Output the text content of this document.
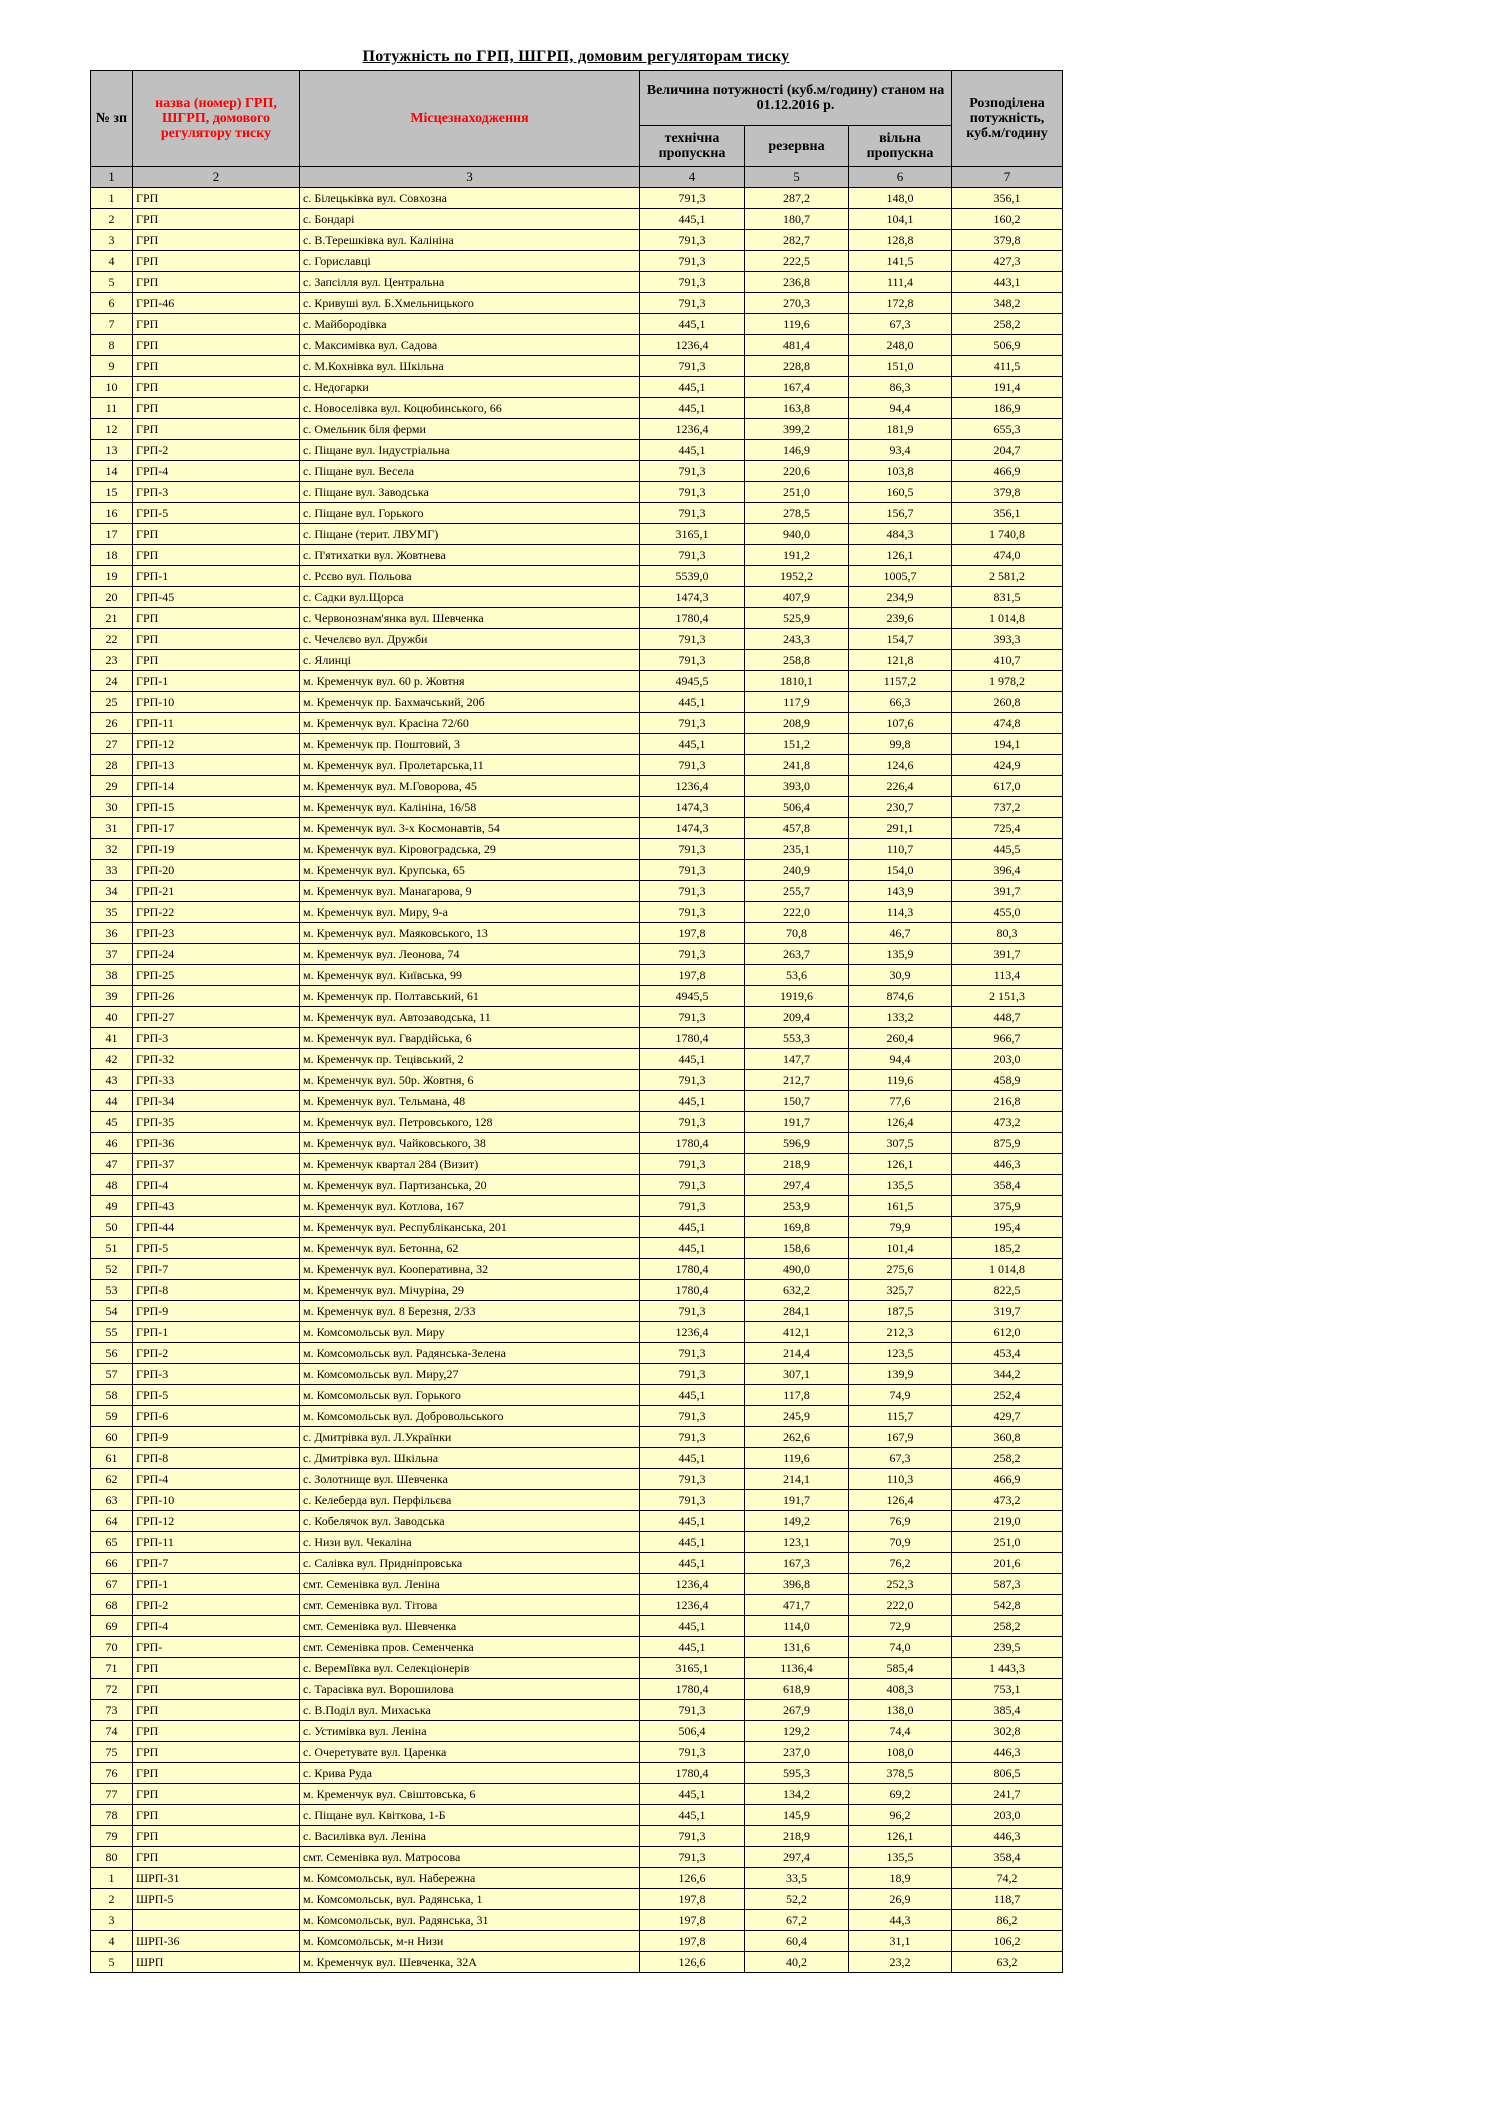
Потужність по ГРП, ШГРП, домовим регуляторам тиску
№ зп	назва (номер) ГРП, ШГРП, домового регулятору тиску	Місцезнаходження	Величина потужності (куб.м/годину) станом на 01.12.2016 р.			Розподілена потужність, куб.м/годину
			технічна пропускна	резервна	вільна пропускна	
1	2	3	4	5	6	7
1	ГРП	с. Білецьківка вул. Совхозна	791,3	287,2	148,0	356,1
2	ГРП	с. Бондарі	445,1	180,7	104,1	160,2
3	ГРП	с. В.Терешківка вул. Калініна	791,3	282,7	128,8	379,8
4	ГРП	с. Гориславці	791,3	222,5	141,5	427,3
5	ГРП	с. Запсілля вул. Центральна	791,3	236,8	111,4	443,1
6	ГРП-46	с. Кривуші вул. Б.Хмельницького	791,3	270,3	172,8	348,2
7	ГРП	с. Майбородівка	445,1	119,6	67,3	258,2
8	ГРП	с. Максимівка вул. Садова	1236,4	481,4	248,0	506,9
9	ГРП	с. М.Кохнівка вул. Шкільна	791,3	228,8	151,0	411,5
10	ГРП	с. Недогарки	445,1	167,4	86,3	191,4
11	ГРП	с. Новоселівка вул. Коцюбинського, 66	445,1	163,8	94,4	186,9
12	ГРП	с. Омельник біля ферми	1236,4	399,2	181,9	655,3
13	ГРП-2	с. Піщане вул. Індустріальна	445,1	146,9	93,4	204,7
14	ГРП-4	с. Піщане вул. Весела	791,3	220,6	103,8	466,9
15	ГРП-3	с. Піщане вул. Заводська	791,3	251,0	160,5	379,8
16	ГРП-5	с. Піщане вул. Горького	791,3	278,5	156,7	356,1
17	ГРП	с. Піщане (терит. ЛВУМГ)	3165,1	940,0	484,3	1 740,8
18	ГРП	с. П'ятихатки вул. Жовтнева	791,3	191,2	126,1	474,0
19	ГРП-1	с. Рсєво вул. Польова	5539,0	1952,2	1005,7	2 581,2
20	ГРП-45	с. Садки вул.Щорса	1474,3	407,9	234,9	831,5
21	ГРП	с. Червонознам'янка вул. Шевченка	1780,4	525,9	239,6	1 014,8
22	ГРП	с. Чечелєво вул. Дружби	791,3	243,3	154,7	393,3
23	ГРП	с. Ялинці	791,3	258,8	121,8	410,7
24	ГРП-1	м. Кременчук вул. 60 р. Жовтня	4945,5	1810,1	1157,2	1 978,2
25	ГРП-10	м. Кременчук пр. Бахмачський, 20б	445,1	117,9	66,3	260,8
26	ГРП-11	м. Кременчук вул. Красіна 72/60	791,3	208,9	107,6	474,8
27	ГРП-12	м. Кременчук пр. Поштовий, 3	445,1	151,2	99,8	194,1
28	ГРП-13	м. Кременчук вул. Пролетарська,11	791,3	241,8	124,6	424,9
29	ГРП-14	м. Кременчук вул. М.Говорова, 45	1236,4	393,0	226,4	617,0
30	ГРП-15	м. Кременчук вул. Калініна, 16/58	1474,3	506,4	230,7	737,2
31	ГРП-17	м. Кременчук вул. 3-х Космонавтів, 54	1474,3	457,8	291,1	725,4
32	ГРП-19	м. Кременчук вул. Кіровоградська, 29	791,3	235,1	110,7	445,5
33	ГРП-20	м. Кременчук вул. Крупська, 65	791,3	240,9	154,0	396,4
34	ГРП-21	м. Кременчук вул. Манагарова, 9	791,3	255,7	143,9	391,7
35	ГРП-22	м. Кременчук вул. Миру, 9-а	791,3	222,0	114,3	455,0
36	ГРП-23	м. Кременчук вул. Маяковського, 13	197,8	70,8	46,7	80,3
37	ГРП-24	м. Кременчук вул. Леонова, 74	791,3	263,7	135,9	391,7
38	ГРП-25	м. Кременчук вул. Київська, 99	197,8	53,6	30,9	113,4
39	ГРП-26	м. Кременчук пр. Полтавський, 61	4945,5	1919,6	874,6	2 151,3
40	ГРП-27	м. Кременчук вул. Автозаводська, 11	791,3	209,4	133,2	448,7
41	ГРП-3	м. Кременчук вул. Гвардійська, 6	1780,4	553,3	260,4	966,7
42	ГРП-32	м. Кременчук пр. Тецівський, 2	445,1	147,7	94,4	203,0
43	ГРП-33	м. Кременчук вул. 50р. Жовтня, 6	791,3	212,7	119,6	458,9
44	ГРП-34	м. Кременчук вул. Тельмана, 48	445,1	150,7	77,6	216,8
45	ГРП-35	м. Кременчук вул. Петровського, 128	791,3	191,7	126,4	473,2
46	ГРП-36	м. Кременчук вул. Чайковського, 38	1780,4	596,9	307,5	875,9
47	ГРП-37	м. Кременчук квартал 284 (Визит)	791,3	218,9	126,1	446,3
48	ГРП-4	м. Кременчук вул. Партизанська, 20	791,3	297,4	135,5	358,4
49	ГРП-43	м. Кременчук вул. Котлова, 167	791,3	253,9	161,5	375,9
50	ГРП-44	м. Кременчук вул. Республіканська, 201	445,1	169,8	79,9	195,4
51	ГРП-5	м. Кременчук вул. Бетонна, 62	445,1	158,6	101,4	185,2
52	ГРП-7	м. Кременчук вул. Кооперативна, 32	1780,4	490,0	275,6	1 014,8
53	ГРП-8	м. Кременчук вул. Мічуріна, 29	1780,4	632,2	325,7	822,5
54	ГРП-9	м. Кременчук вул. 8 Березня, 2/33	791,3	284,1	187,5	319,7
55	ГРП-1	м. Комсомольськ вул. Миру	1236,4	412,1	212,3	612,0
56	ГРП-2	м. Комсомольськ вул. Радянська-Зелена	791,3	214,4	123,5	453,4
57	ГРП-3	м. Комсомольськ вул. Миру,27	791,3	307,1	139,9	344,2
58	ГРП-5	м. Комсомольськ вул. Горького	445,1	117,8	74,9	252,4
59	ГРП-6	м. Комсомольськ вул. Добровольського	791,3	245,9	115,7	429,7
60	ГРП-9	с. Дмитрівка вул. Л.Українки	791,3	262,6	167,9	360,8
61	ГРП-8	с. Дмитрівка вул. Шкільна	445,1	119,6	67,3	258,2
62	ГРП-4	с. Золотнище вул. Шевченка	791,3	214,1	110,3	466,9
63	ГРП-10	с. Келеберда вул. Перфільєва	791,3	191,7	126,4	473,2
64	ГРП-12	с. Кобелячок вул. Заводська	445,1	149,2	76,9	219,0
65	ГРП-11	с. Низи вул. Чекаліна	445,1	123,1	70,9	251,0
66	ГРП-7	с. Салівка вул. Придніпровська	445,1	167,3	76,2	201,6
67	ГРП-1	смт. Семенівка вул. Леніна	1236,4	396,8	252,3	587,3
68	ГРП-2	смт. Семенівка вул. Тітова	1236,4	471,7	222,0	542,8
69	ГРП-4	смт. Семенівка вул. Шевченка	445,1	114,0	72,9	258,2
70	ГРП-	смт. Семенівка пров. Семенченка	445,1	131,6	74,0	239,5
71	ГРП	с. ВеремІївка вул. Селекціонерів	3165,1	1136,4	585,4	1 443,3
72	ГРП	с. Тарасівка вул. Ворошилова	1780,4	618,9	408,3	753,1
73	ГРП	с. В.Поділ вул. Михаська	791,3	267,9	138,0	385,4
74	ГРП	с. Устимівка вул. Леніна	506,4	129,2	74,4	302,8
75	ГРП	с. Очеретувате вул. Царенка	791,3	237,0	108,0	446,3
76	ГРП	с. Крива Руда	1780,4	595,3	378,5	806,5
77	ГРП	м. Кременчук вул. Свіштовська, 6	445,1	134,2	69,2	241,7
78	ГРП	с. Піщане вул. Квіткова, 1-Б	445,1	145,9	96,2	203,0
79	ГРП	с. Василівка вул. Леніна	791,3	218,9	126,1	446,3
80	ГРП	смт. Семенівка вул. Матросова	791,3	297,4	135,5	358,4
1	ШРП-31	м. Комсомольськ, вул. Набережна	126,6	33,5	18,9	74,2
2	ШРП-5	м. Комсомольськ, вул. Радянська, 1	197,8	52,2	26,9	118,7
3		м. Комсомольськ, вул. Радянська, 31	197,8	67,2	44,3	86,2
4	ШРП-36	м. Комсомольськ, м-н Низи	197,8	60,4	31,1	106,2
5	ШРП	м. Кременчук вул. Шевченка, 32А	126,6	40,2	23,2	63,2
